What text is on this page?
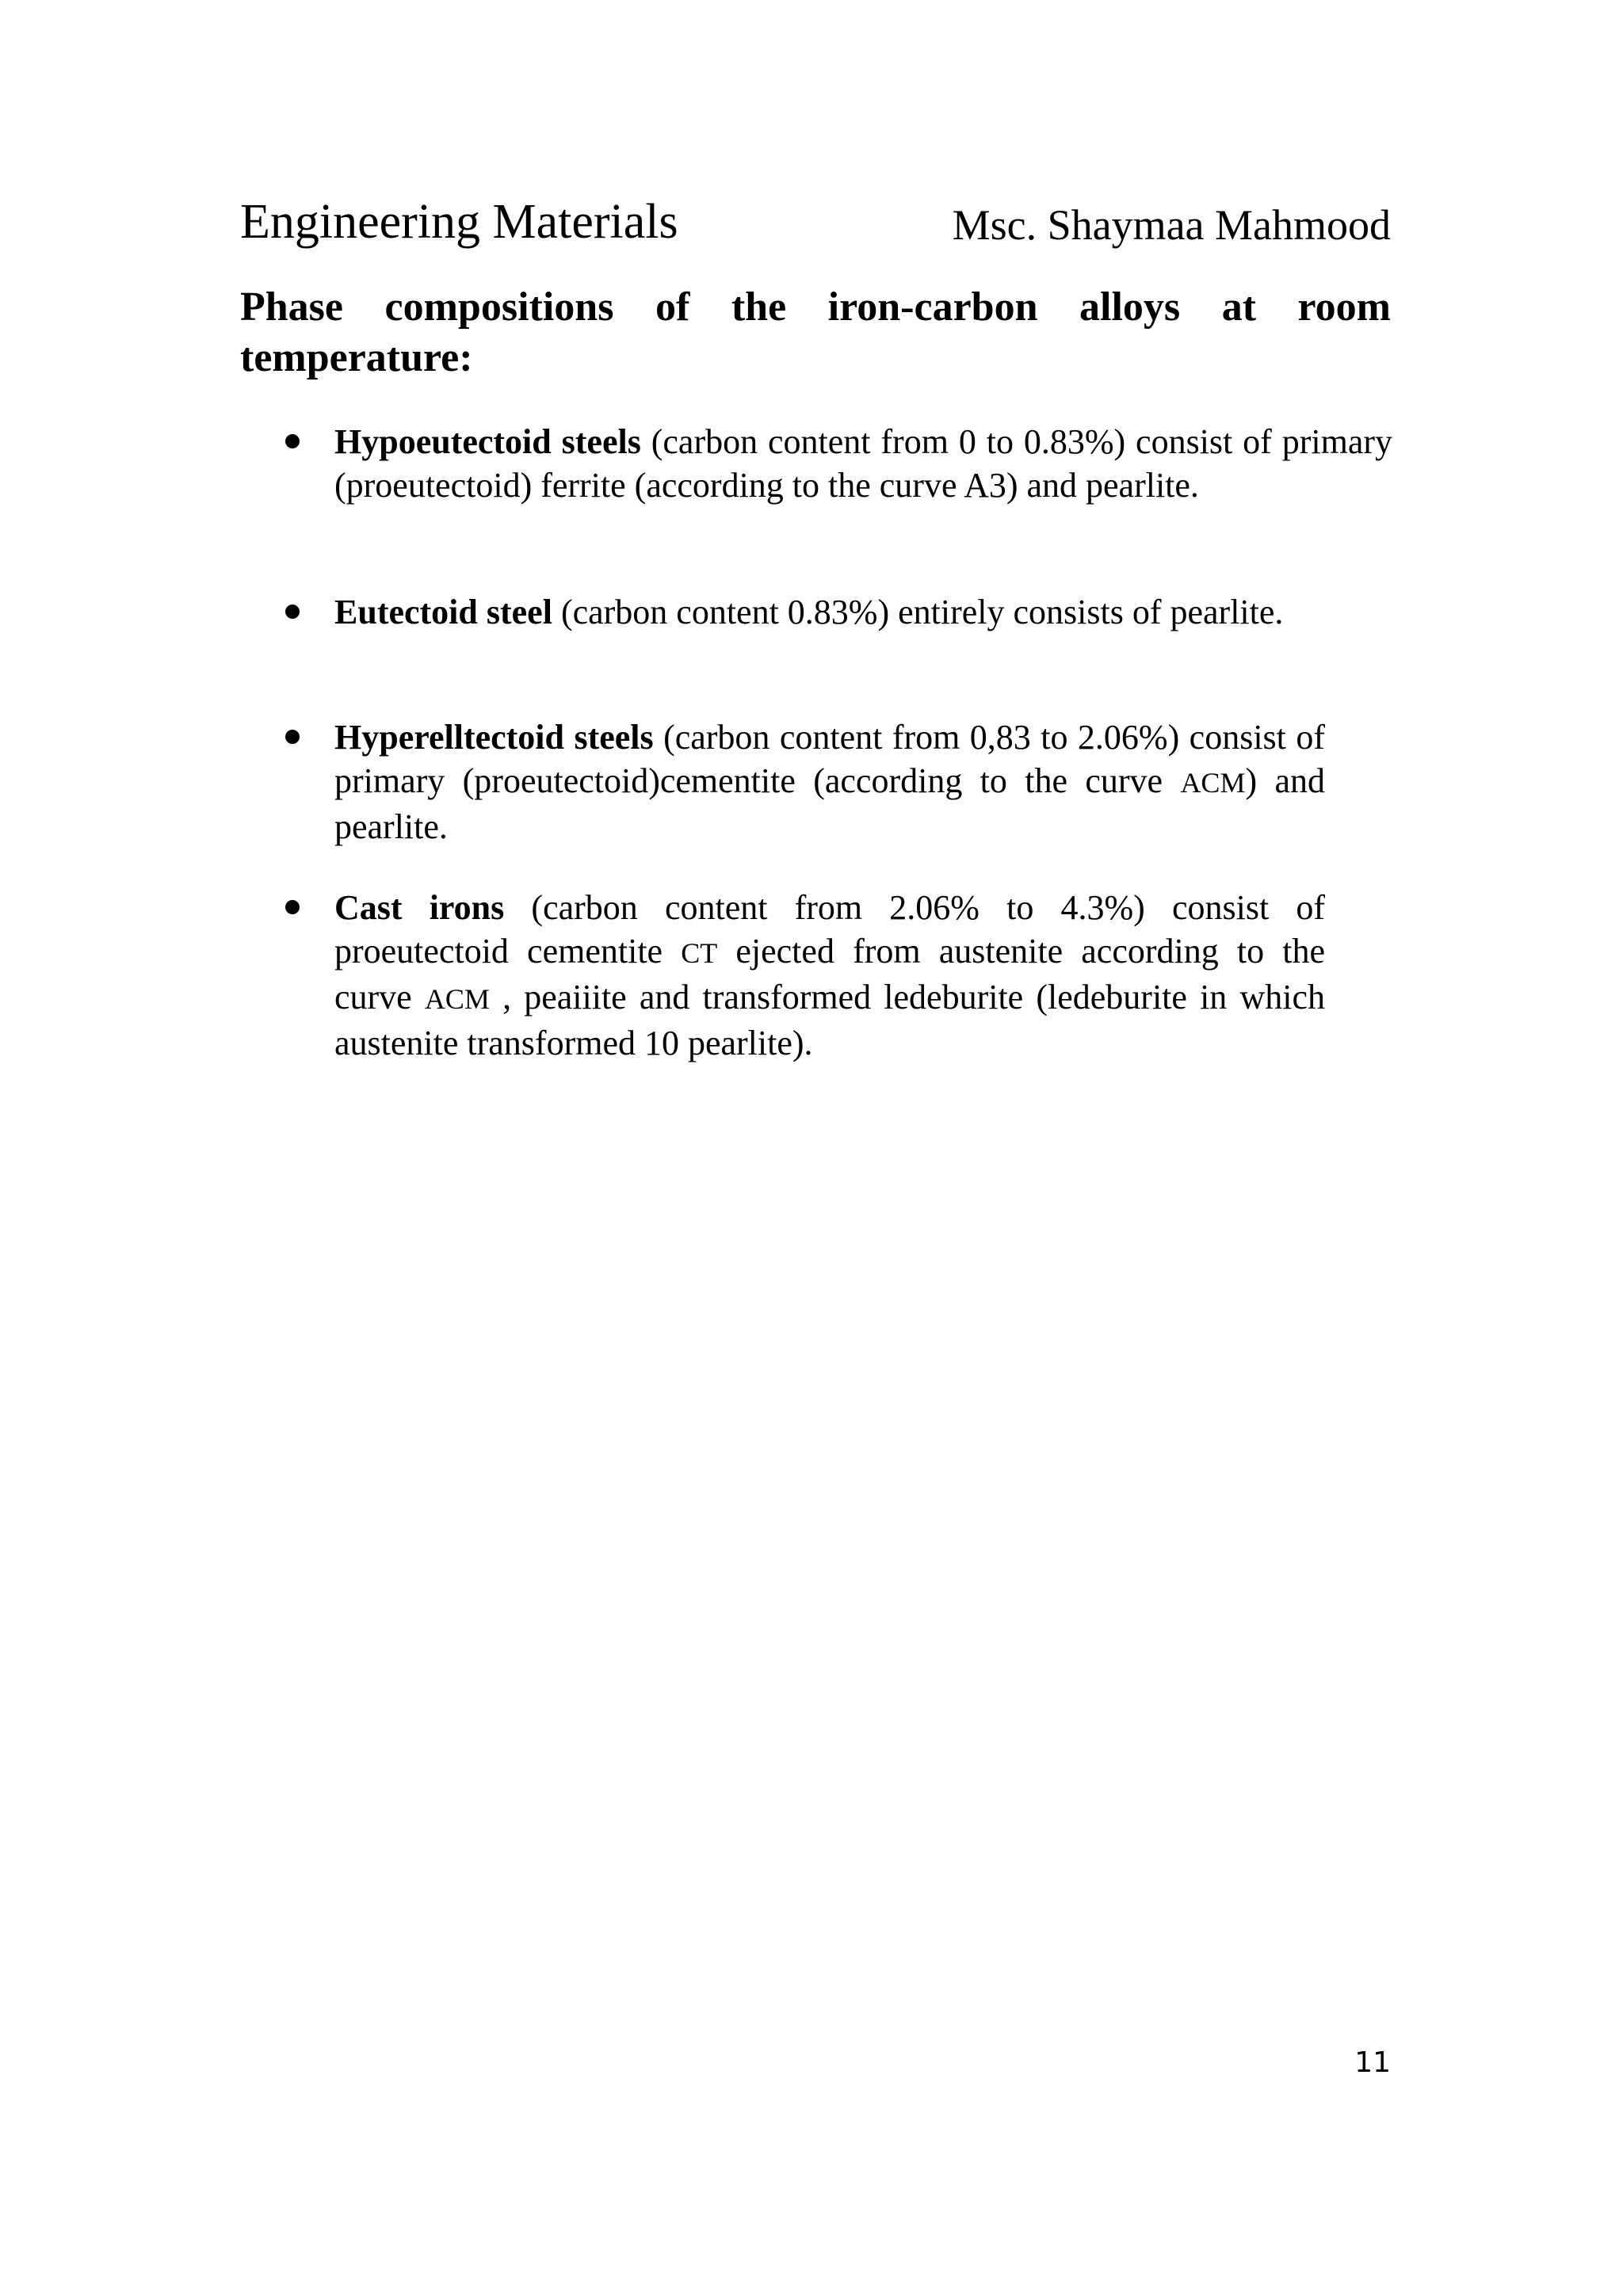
Engineering Materials	Msc. Shaymaa Mahmood

Phase compositions of the iron-carbon alloys at room temperature:

Hypoeutectoid steels (carbon content from 0 to 0.83%) consist of primary (proeutectoid) ferrite (according to the curve A3) and pearlite.

Eutectoid steel (carbon content 0.83%) entirely consists of pearlite.

Hyperelltectoid steels (carbon content from 0,83 to 2.06%) consist of primary (proeutectoid)cementite (according to the curve ACM) and pearlite.

Cast irons (carbon content from 2.06% to 4.3%) consist of proeutectoid cementite CT ejected from austenite according to the curve ACM , peaiiite and transformed ledeburite (ledeburite in which austenite transformed 10 pearlite).

11
